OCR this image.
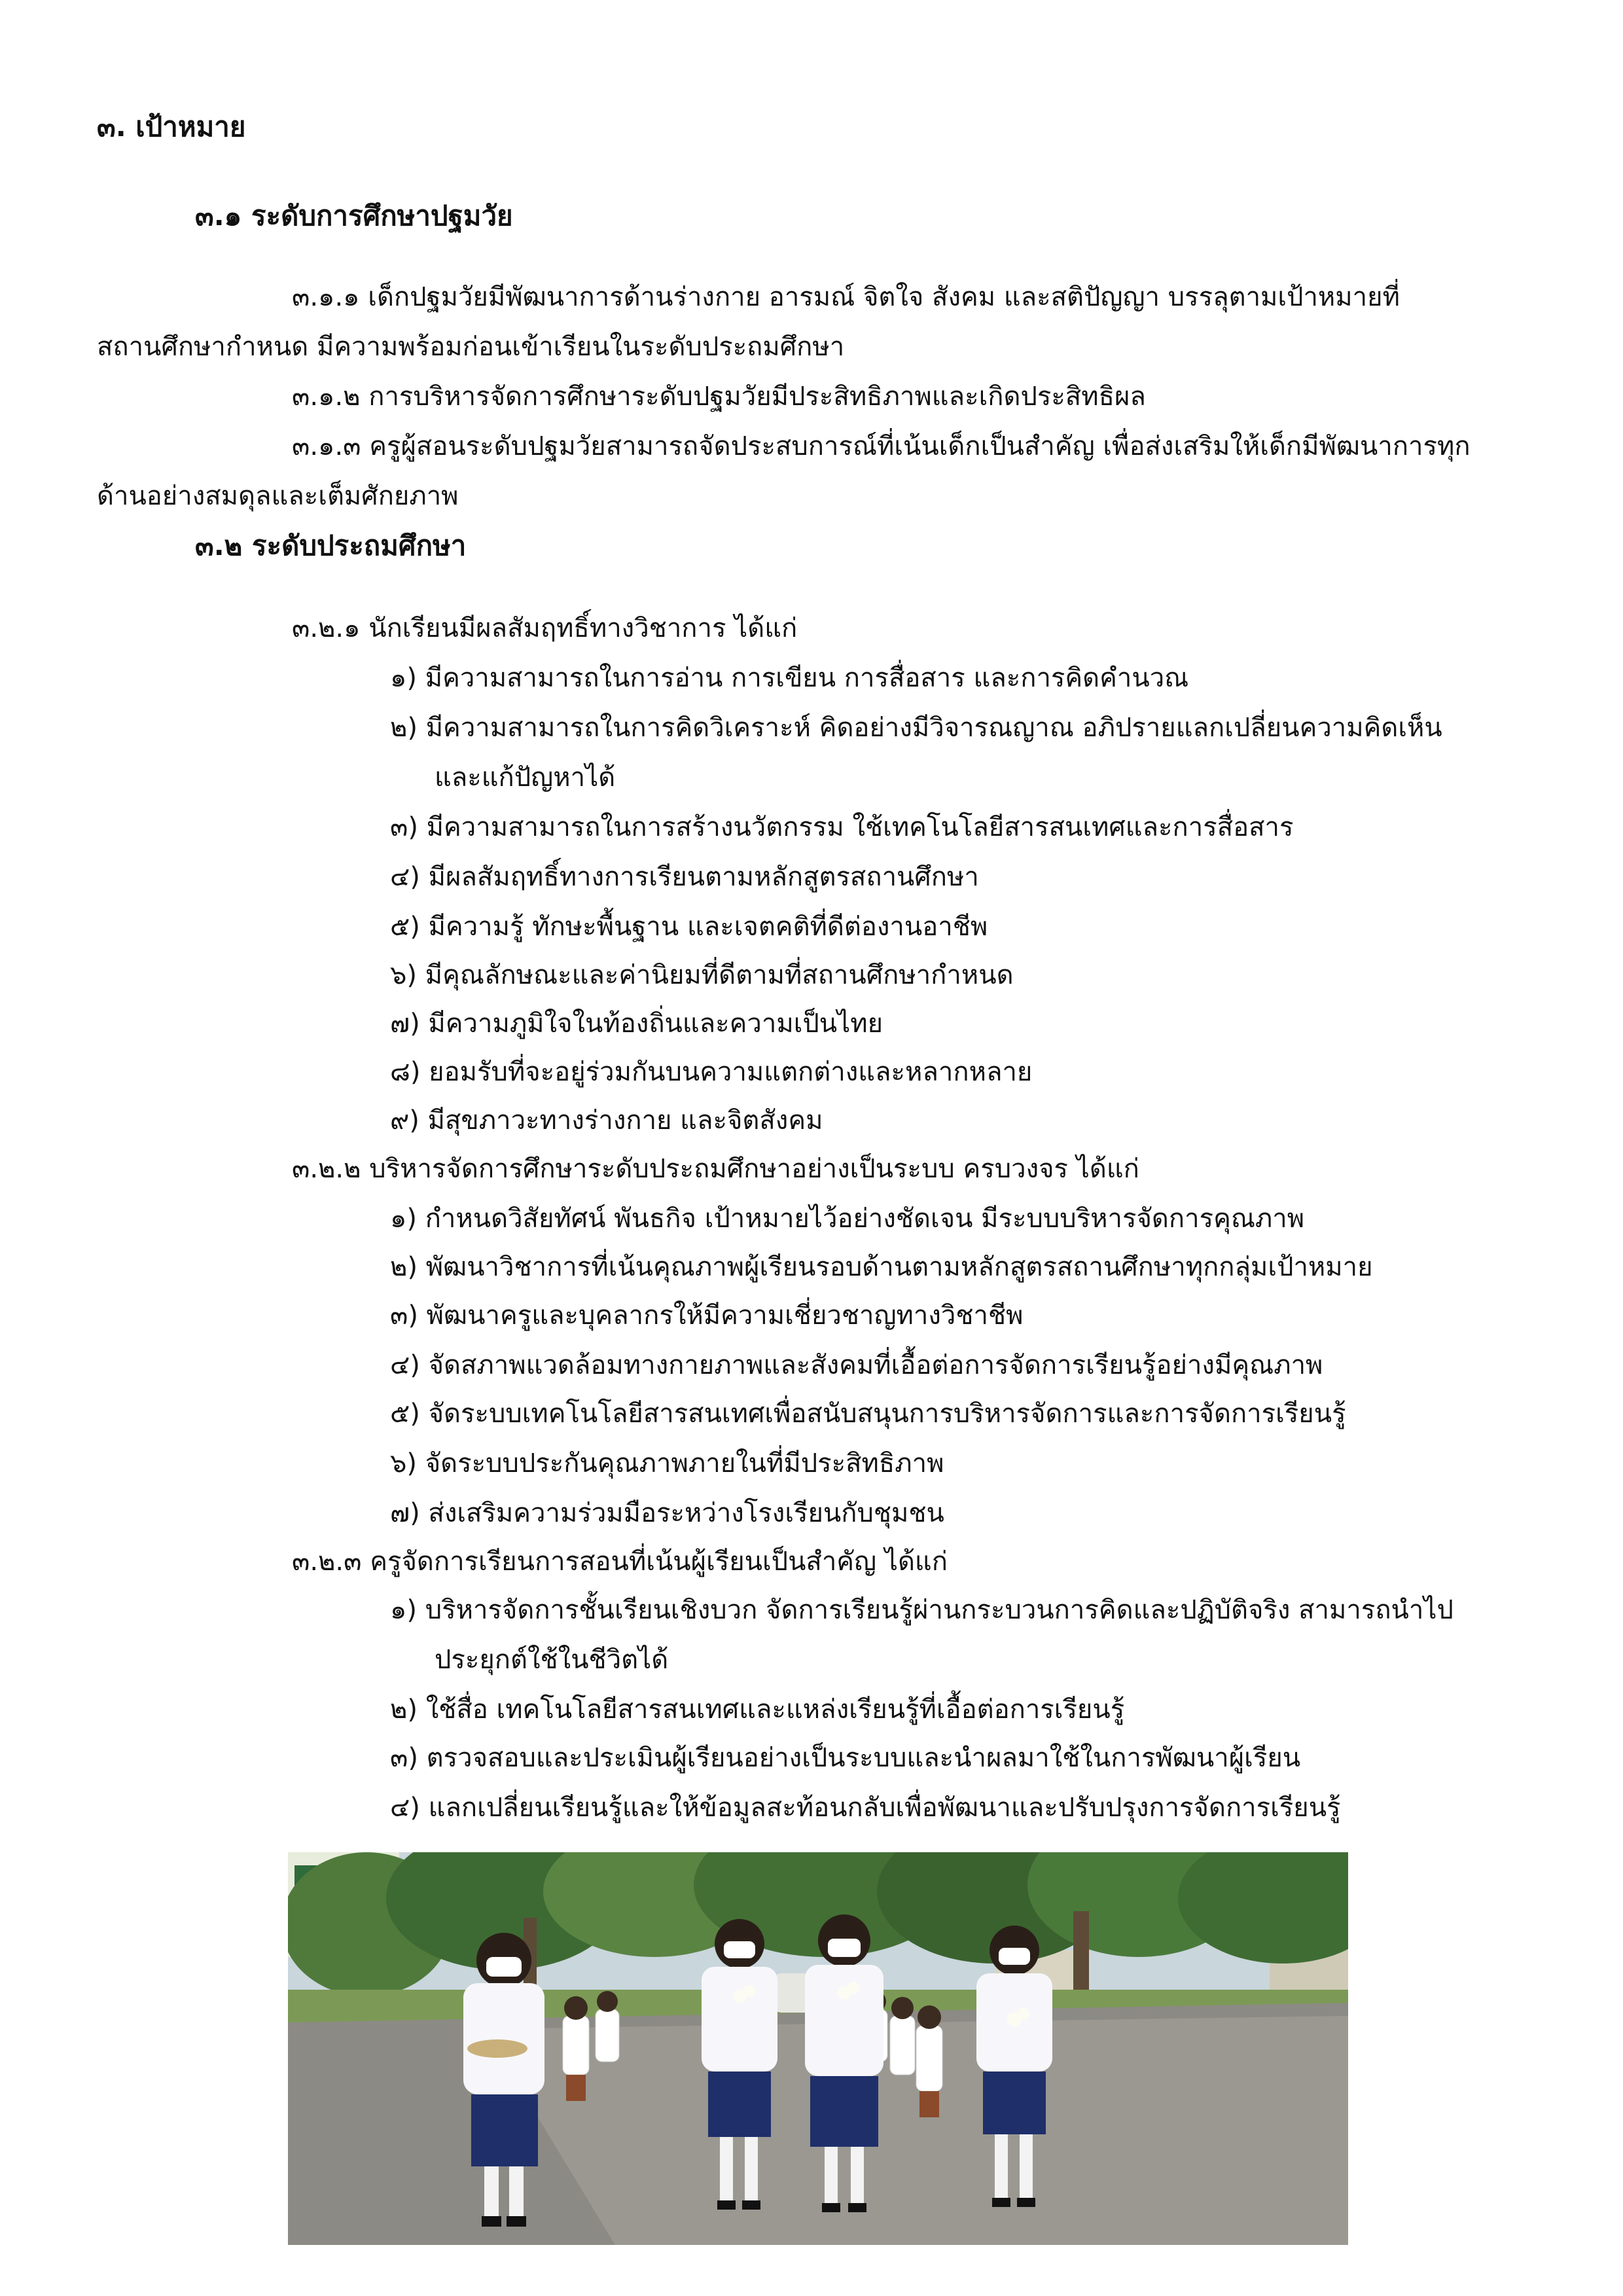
๓. เป้าหมาย
๓.๑ ระดับการศึกษาปฐมวัย
๓.๑.๑ เด็กปฐมวัยมีพัฒนาการด้านร่างกาย อารมณ์ จิตใจ สังคม และสติปัญญา บรรลุตามเป้าหมายที่
สถานศึกษากำหนด มีความพร้อมก่อนเข้าเรียนในระดับประถมศึกษา
๓.๑.๒ การบริหารจัดการศึกษาระดับปฐมวัยมีประสิทธิภาพและเกิดประสิทธิผล
๓.๑.๓ ครูผู้สอนระดับปฐมวัยสามารถจัดประสบการณ์ที่เน้นเด็กเป็นสำคัญ เพื่อส่งเสริมให้เด็กมีพัฒนาการทุก
ด้านอย่างสมดุลและเต็มศักยภาพ
๓.๒ ระดับประถมศึกษา
๓.๒.๑ นักเรียนมีผลสัมฤทธิ์ทางวิชาการ ได้แก่
๑) มีความสามารถในการอ่าน การเขียน การสื่อสาร และการคิดคำนวณ
๒) มีความสามารถในการคิดวิเคราะห์ คิดอย่างมีวิจารณญาณ อภิปรายแลกเปลี่ยนความคิดเห็น
และแก้ปัญหาได้
๓) มีความสามารถในการสร้างนวัตกรรม ใช้เทคโนโลยีสารสนเทศและการสื่อสาร
๔) มีผลสัมฤทธิ์ทางการเรียนตามหลักสูตรสถานศึกษา
๕) มีความรู้ ทักษะพื้นฐาน และเจตคติที่ดีต่องานอาชีพ
๖) มีคุณลักษณะและค่านิยมที่ดีตามที่สถานศึกษากำหนด
๗) มีความภูมิใจในท้องถิ่นและความเป็นไทย
๘) ยอมรับที่จะอยู่ร่วมกันบนความแตกต่างและหลากหลาย
๙) มีสุขภาวะทางร่างกาย และจิตสังคม
๓.๒.๒ บริหารจัดการศึกษาระดับประถมศึกษาอย่างเป็นระบบ ครบวงจร ได้แก่
๑) กำหนดวิสัยทัศน์ พันธกิจ เป้าหมายไว้อย่างชัดเจน มีระบบบริหารจัดการคุณภาพ
๒) พัฒนาวิชาการที่เน้นคุณภาพผู้เรียนรอบด้านตามหลักสูตรสถานศึกษาทุกกลุ่มเป้าหมาย
๓) พัฒนาครูและบุคลากรให้มีความเชี่ยวชาญทางวิชาชีพ
๔) จัดสภาพแวดล้อมทางกายภาพและสังคมที่เอื้อต่อการจัดการเรียนรู้อย่างมีคุณภาพ
๕) จัดระบบเทคโนโลยีสารสนเทศเพื่อสนับสนุนการบริหารจัดการและการจัดการเรียนรู้
๖) จัดระบบประกันคุณภาพภายในที่มีประสิทธิภาพ
๗) ส่งเสริมความร่วมมือระหว่างโรงเรียนกับชุมชน
๓.๒.๓ ครูจัดการเรียนการสอนที่เน้นผู้เรียนเป็นสำคัญ ได้แก่
๑) บริหารจัดการชั้นเรียนเชิงบวก จัดการเรียนรู้ผ่านกระบวนการคิดและปฏิบัติจริง สามารถนำไป
ประยุกต์ใช้ในชีวิตได้
๒) ใช้สื่อ เทคโนโลยีสารสนเทศและแหล่งเรียนรู้ที่เอื้อต่อการเรียนรู้
๓) ตรวจสอบและประเมินผู้เรียนอย่างเป็นระบบและนำผลมาใช้ในการพัฒนาผู้เรียน
๔) แลกเปลี่ยนเรียนรู้และให้ข้อมูลสะท้อนกลับเพื่อพัฒนาและปรับปรุงการจัดการเรียนรู้
